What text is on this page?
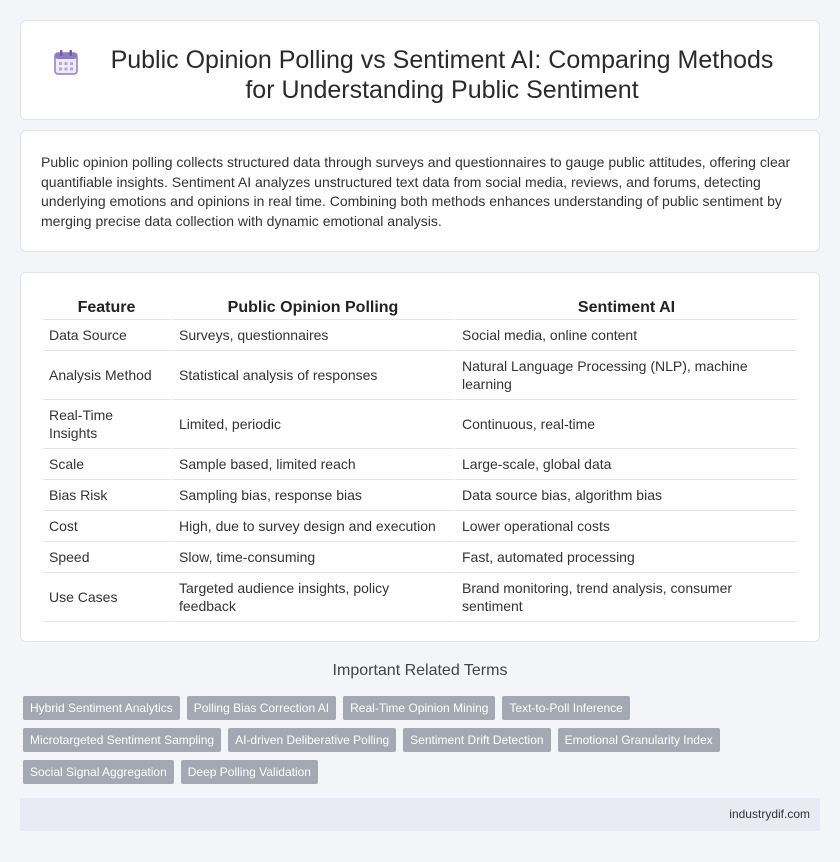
Public Opinion Polling vs Sentiment AI: Comparing Methods for Understanding Public Sentiment

Public opinion polling collects structured data through surveys and questionnaires to gauge public attitudes, offering clear quantifiable insights. Sentiment AI analyzes unstructured text data from social media, reviews, and forums, detecting underlying emotions and opinions in real time. Combining both methods enhances understanding of public sentiment by merging precise data collection with dynamic emotional analysis.

Feature	Public Opinion Polling	Sentiment AI
Data Source	Surveys, questionnaires	Social media, online content
Analysis Method	Statistical analysis of responses	Natural Language Processing (NLP), machine learning
Real-Time Insights	Limited, periodic	Continuous, real-time
Scale	Sample based, limited reach	Large-scale, global data
Bias Risk	Sampling bias, response bias	Data source bias, algorithm bias
Cost	High, due to survey design and execution	Lower operational costs
Speed	Slow, time-consuming	Fast, automated processing
Use Cases	Targeted audience insights, policy feedback	Brand monitoring, trend analysis, consumer sentiment
Important Related Terms
Hybrid Sentiment Analytics	Polling Bias Correction AI	Real-Time Opinion Mining	Text-to-Poll Inference
Microtargeted Sentiment Sampling	AI-driven Deliberative Polling	Sentiment Drift Detection	Emotional Granularity Index
Social Signal Aggregation	Deep Polling Validation
industrydif.com
